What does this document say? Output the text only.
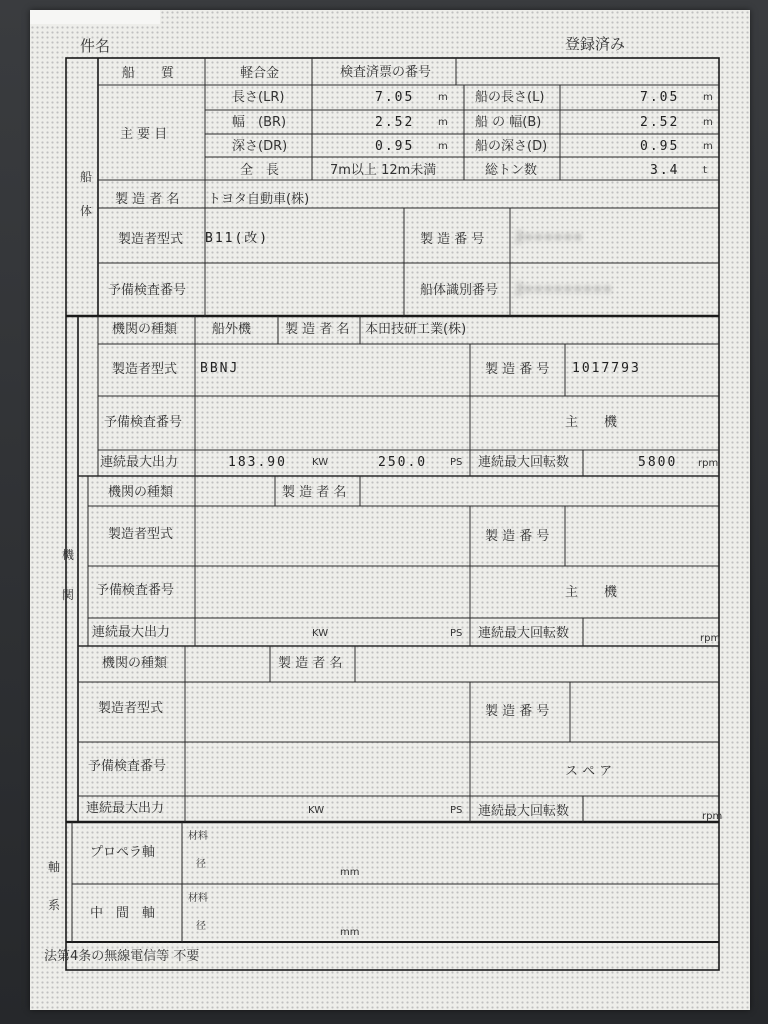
件名	登録済み
船体
船　　質	軽合金	検査済票の番号
主 要 目
長さ(LR)	7.05 m 船の長さ(L)	7.05 m
幅　(BR)	2.52 m 船 の 幅(B)	2.52 m
深さ(DR)	0.95 m 船の深さ(D)	0.95 m
全　長	7m以上 12m未満	総トン数	3.4 t
製 造 者 名 トヨタ自動車(株)
製造者型式 B11(改)	製 造 番 号 J••••••
予備検査番号	船体識別番号 J•••••••••
機関
機関の種類	船外機	製 造 者 名 本田技研工業(株)
製造者型式 BBNJ	製 造 番 号 1017793
予備検査番号	主　　機
連続最大出力	183.90	KW	250.0 PS 連続最大回転数	5800 rpm
機関の種類	製 造 者 名
製造者型式	製 造 番 号
予備検査番号	主　　機
連続最大出力	KW	PS 連続最大回転数	rpm
機関の種類	製 造 者 名
製造者型式	製 造 番 号
予備検査番号	ス ペ ア
連続最大出力	KW	PS 連続最大回転数	rpm
軸系
プロペラ軸
材料
径
mm
中　間　軸
材料
径
mm
法第4条の無線電信等 不要
